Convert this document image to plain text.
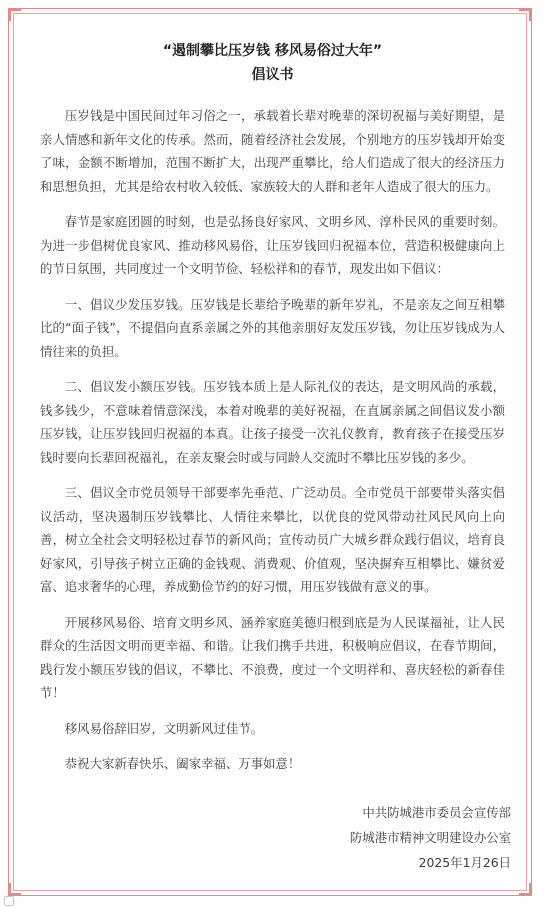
“遏制攀比压岁钱 移风易俗过大年”
倡议书

压岁钱是中国民间过年习俗之一，承载着长辈对晚辈的深切祝福与美好期望，是亲人情感和新年文化的传承。然而，随着经济社会发展，个别地方的压岁钱却开始变了味，金额不断增加，范围不断扩大，出现严重攀比，给人们造成了很大的经济压力和思想负担，尤其是给农村收入较低、家族较大的人群和老年人造成了很大的压力。

春节是家庭团圆的时刻，也是弘扬良好家风、文明乡风、淳朴民风的重要时刻。为进一步倡树优良家风、推动移风易俗，让压岁钱回归祝福本位，营造积极健康向上的节日氛围，共同度过一个文明节俭、轻松祥和的春节，现发出如下倡议：

一、倡议少发压岁钱。压岁钱是长辈给予晚辈的新年岁礼，不是亲友之间互相攀比的“面子钱”，不提倡向直系亲属之外的其他亲朋好友发压岁钱，勿让压岁钱成为人情往来的负担。

二、倡议发小额压岁钱。压岁钱本质上是人际礼仪的表达，是文明风尚的承载，钱多钱少，不意味着情意深浅，本着对晚辈的美好祝福，在直属亲属之间倡议发小额压岁钱，让压岁钱回归祝福的本真。让孩子接受一次礼仪教育，教育孩子在接受压岁钱时要向长辈回祝福礼，在亲友聚会时或与同龄人交流时不攀比压岁钱的多少。

三、倡议全市党员领导干部要率先垂范、广泛动员。全市党员干部要带头落实倡议活动，坚决遏制压岁钱攀比、人情往来攀比，以优良的党风带动社风民风向上向善，树立全社会文明轻松过春节的新风尚；宣传动员广大城乡群众践行倡议，培育良好家风，引导孩子树立正确的金钱观、消费观、价值观，坚决摒弃互相攀比、嫌贫爱富、追求奢华的心理，养成勤俭节约的好习惯，用压岁钱做有意义的事。

开展移风易俗、培育文明乡风、涵养家庭美德归根到底是为人民谋福祉，让人民群众的生活因文明而更幸福、和谐。让我们携手共进，积极响应倡议，在春节期间，践行发小额压岁钱的倡议，不攀比、不浪费，度过一个文明祥和、喜庆轻松的新春佳节！

移风易俗辞旧岁，文明新风过佳节。

恭祝大家新春快乐、阖家幸福、万事如意！

中共防城港市委员会宣传部
防城港市精神文明建设办公室
2025年1月26日
